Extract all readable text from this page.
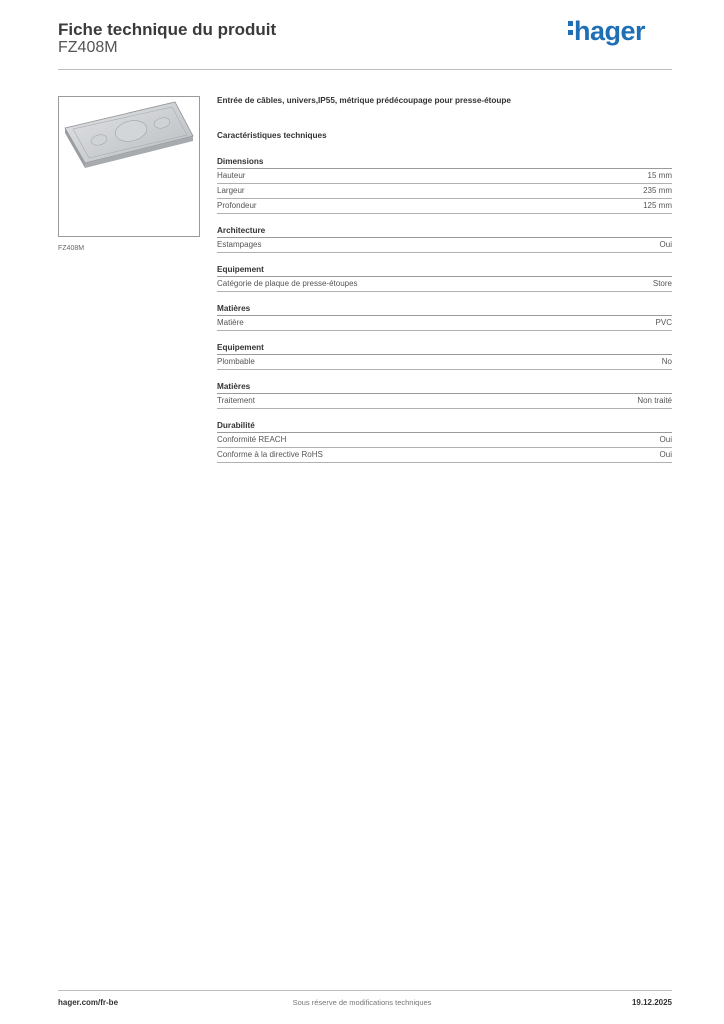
Fiche technique du produit
FZ408M
hager
FZ408M
Entrée de câbles, univers,IP55, métrique prédécoupage pour presse-étoupe
Caractéristiques techniques
Dimensions
Hauteur	15 mm
Largeur	235 mm
Profondeur	125 mm
Architecture
Estampages	Oui
Equipement
Catégorie de plaque de presse-étoupes	Store
Matières
Matière	PVC
Equipement
Plombable	No
Matières
Traitement	Non traité
Durabilité
Conformité REACH	Oui
Conforme à la directive RoHS	Oui
hager.com/fr-be	Sous réserve de modifications techniques	19.12.2025
